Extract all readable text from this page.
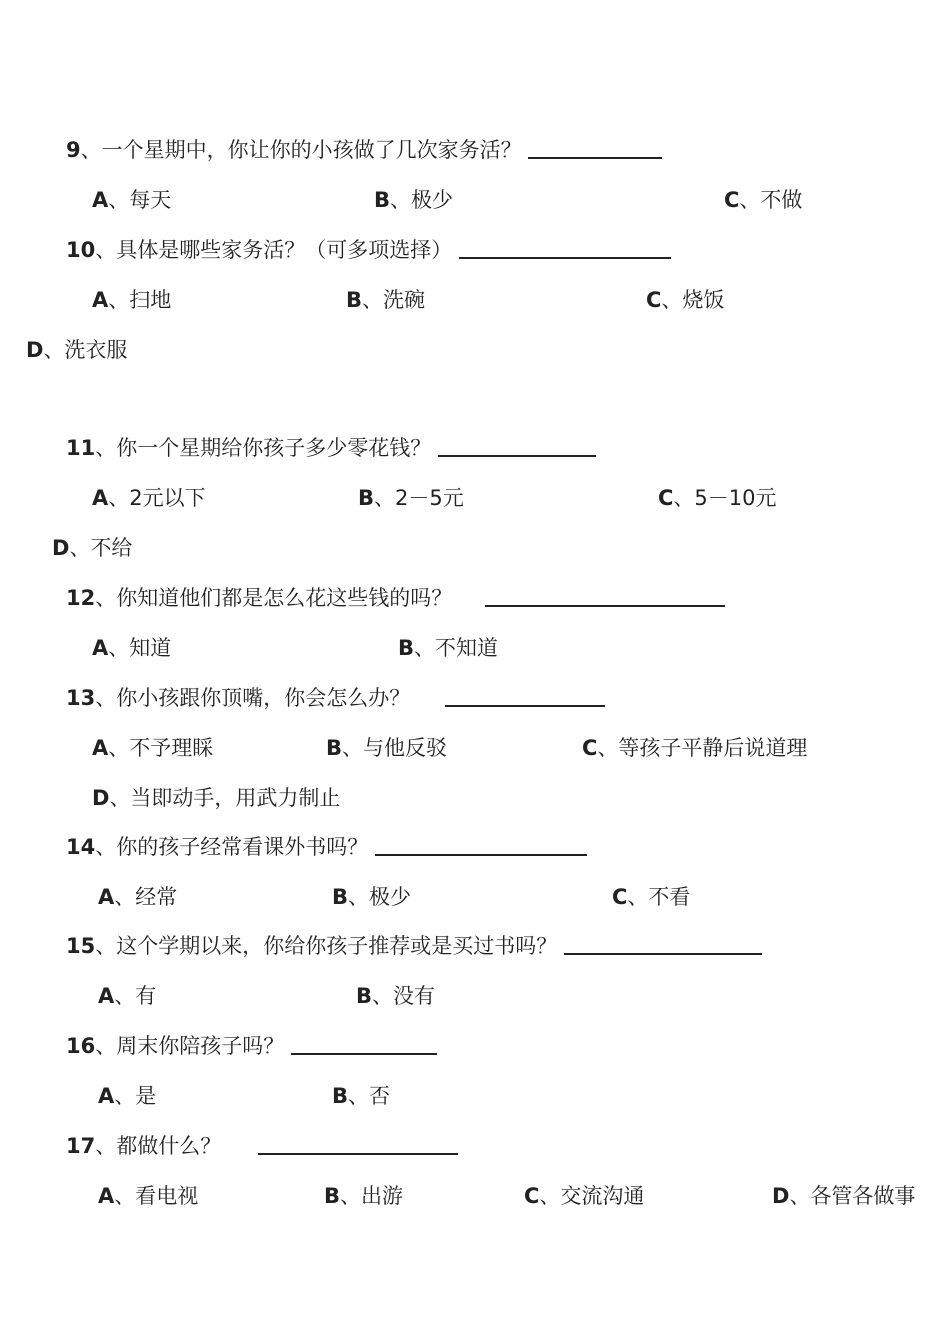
9、一个星期中，你让你的小孩做了几次家务活？
A、每天	B、极少	C、不做
10、具体是哪些家务活？（可多项选择）
A、扫地	B、洗碗	C、烧饭
D、洗衣服
11、你一个星期给你孩子多少零花钱？
A、2元以下	B、2－5元	C、5－10元
D、不给
12、你知道他们都是怎么花这些钱的吗？
A、知道	B、不知道
13、你小孩跟你顶嘴，你会怎么办？
A、不予理睬	B、与他反驳	C、等孩子平静后说道理
D、当即动手，用武力制止
14、你的孩子经常看课外书吗？
A、经常	B、极少	C、不看
15、这个学期以来，你给你孩子推荐或是买过书吗？
A、有	B、没有
16、周末你陪孩子吗？
A、是	B、否
17、都做什么？
A、看电视	B、出游	C、交流沟通	D、各管各做事
